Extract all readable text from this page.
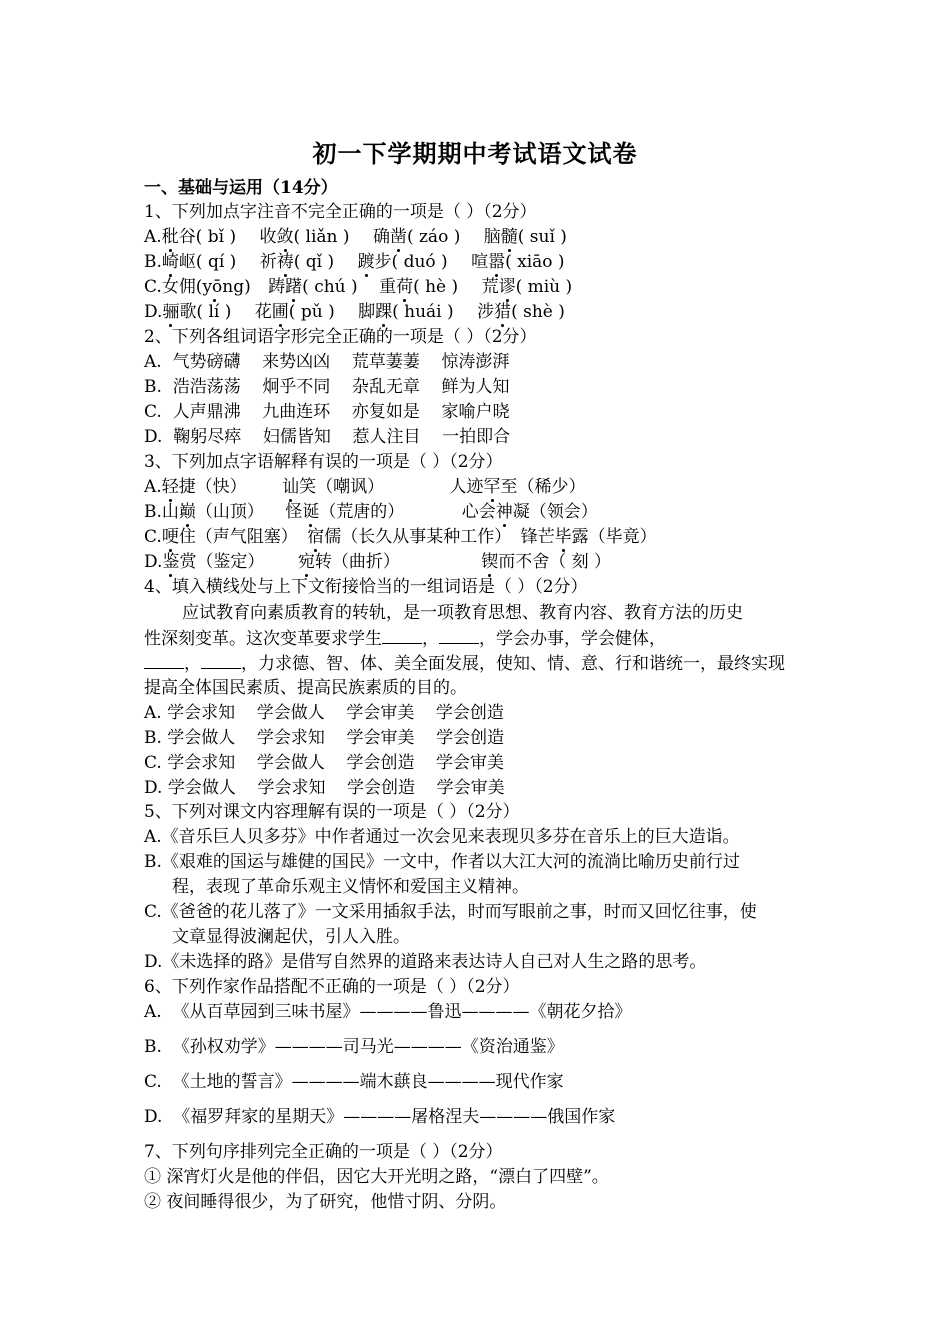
初一下学期期中考试语文试卷
一、基础与运用（14分）
1、下列加点字注音不完全正确的一项是（ ）（2分）
A.秕谷( bǐ ) 收敛( liǎn ) 确凿( záo ) 脑髓( suǐ )
B.崎岖( qí ) 祈祷( qǐ ) 踱步( duó ) 喧嚣( xiāo )
C.女佣(yōng) 踌躇( chú ) 重荷( hè ) 荒谬( miù )
D.骊歌( lí ) 花圃( pǔ ) 脚踝( huái ) 涉猎( shè )
2、下列各组词语字形完全正确的一项是（ ）（2分）
A.  气势磅礴    来势凶凶    荒草萋萋    惊涛澎湃
B.  浩浩荡荡    炯乎不同    杂乱无章    鲜为人知
C.  人声鼎沸    九曲连环    亦复如是    家喻户晓
D.  鞠躬尽瘁    妇儒皆知    惹人注目    一拍即合
3、下列加点字语解释有误的一项是（ ）（2分）
A.轻捷（快） 讪笑（嘲讽）	人迹罕至（稀少）
B.山巅（山顶） 怪诞（荒唐的）	心会神凝（领会）
C.哽住（声气阻塞） 宿儒（长久从事某种工作） 锋芒毕露（毕竟）
D.鉴赏（鉴定） 宛转（曲折）	锲而不舍（ 刻 ）
4、填入横线处与上下文衔接恰当的一组词语是（ ）（2分）
应试教育向素质教育的转轨，是一项教育思想、教育内容、教育方法的历史
性深刻变革。这次变革要求学生 ， ，学会办事，学会健体，
， ，力求德、智、体、美全面发展，使知、情、意、行和谐统一，最终实现
提高全体国民素质、提高民族素质的目的。
A. 学会求知    学会做人    学会审美    学会创造
B. 学会做人    学会求知    学会审美    学会创造
C. 学会求知    学会做人    学会创造    学会审美
D. 学会做人    学会求知    学会创造    学会审美
5、下列对课文内容理解有误的一项是（ ）（2分）
A.《音乐巨人贝多芬》中作者通过一次会见来表现贝多芬在音乐上的巨大造诣。
B.《艰难的国运与雄健的国民》一文中，作者以大江大河的流淌比喻历史前行过
程，表现了革命乐观主义情怀和爱国主义精神。
C.《爸爸的花儿落了》一文采用插叙手法，时而写眼前之事，时而又回忆往事，使
文章显得波澜起伏，引人入胜。
D.《未选择的路》是借写自然界的道路来表达诗人自己对人生之路的思考。
6、下列作家作品搭配不正确的一项是（ ）（2分）
A.  《从百草园到三味书屋》————鲁迅————《朝花夕拾》
B.  《孙权劝学》————司马光————《资治通鉴》
C.  《土地的誓言》————端木蕻良————现代作家
D.  《福罗拜家的星期天》————屠格涅夫————俄国作家
7、下列句序排列完全正确的一项是（ ）（2分）
① 深宵灯火是他的伴侣，因它大开光明之路，“漂白了四壁”。
② 夜间睡得很少，为了研究，他惜寸阴、分阴。
